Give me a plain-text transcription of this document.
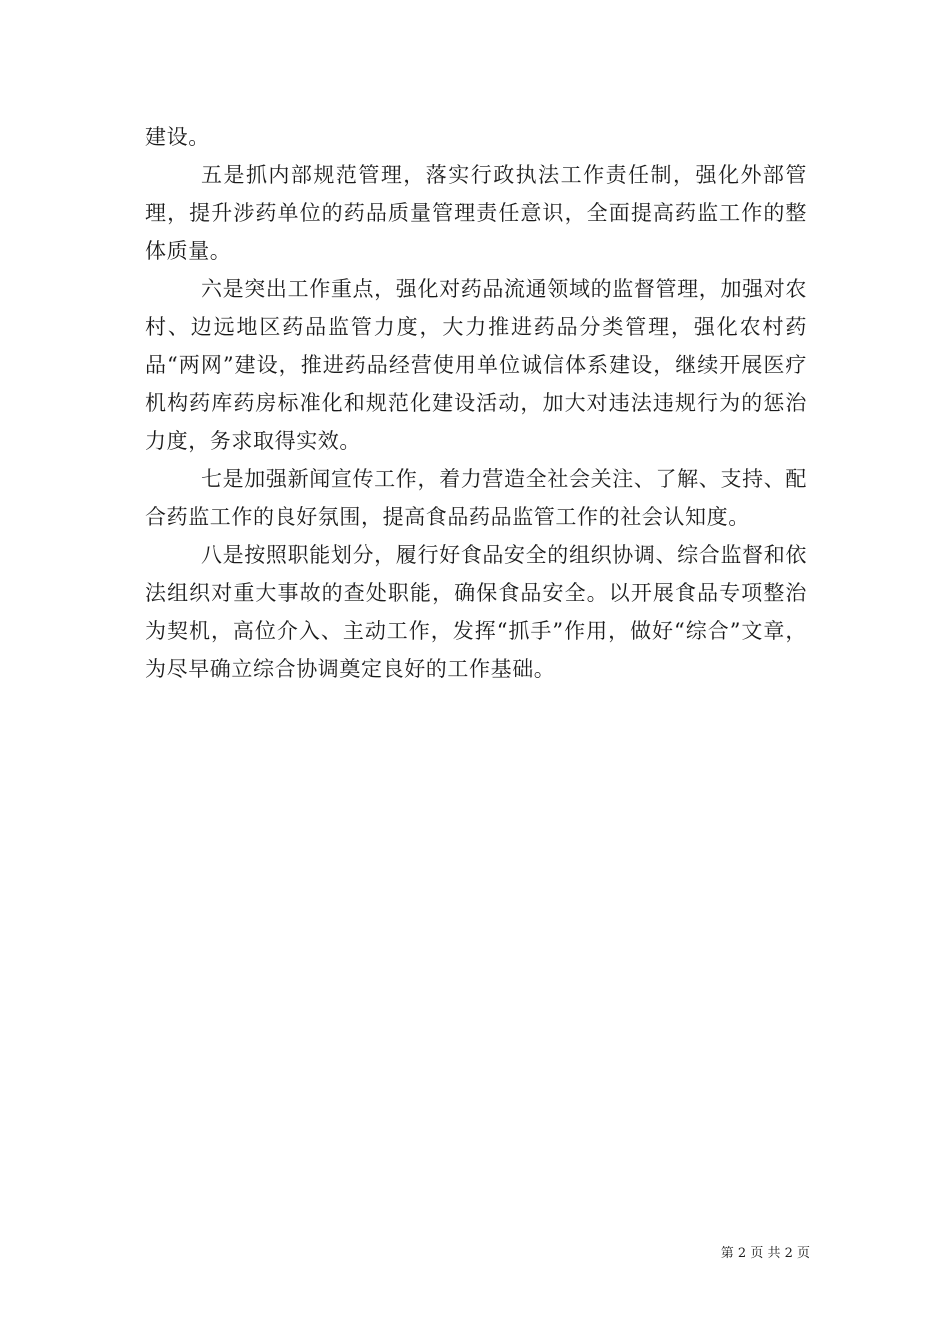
建设。

五是抓内部规范管理，落实行政执法工作责任制，强化外部管理，提升涉药单位的药品质量管理责任意识，全面提高药监工作的整体质量。

六是突出工作重点，强化对药品流通领域的监督管理，加强对农村、边远地区药品监管力度，大力推进药品分类管理，强化农村药品“两网”建设，推进药品经营使用单位诚信体系建设，继续开展医疗机构药库药房标准化和规范化建设活动，加大对违法违规行为的惩治力度，务求取得实效。

七是加强新闻宣传工作，着力营造全社会关注、了解、支持、配合药监工作的良好氛围，提高食品药品监管工作的社会认知度。

八是按照职能划分，履行好食品安全的组织协调、综合监督和依法组织对重大事故的查处职能，确保食品安全。以开展食品专项整治为契机，高位介入、主动工作，发挥“抓手”作用，做好“综合”文章，为尽早确立综合协调奠定良好的工作基础。

第 2 页 共 2 页
